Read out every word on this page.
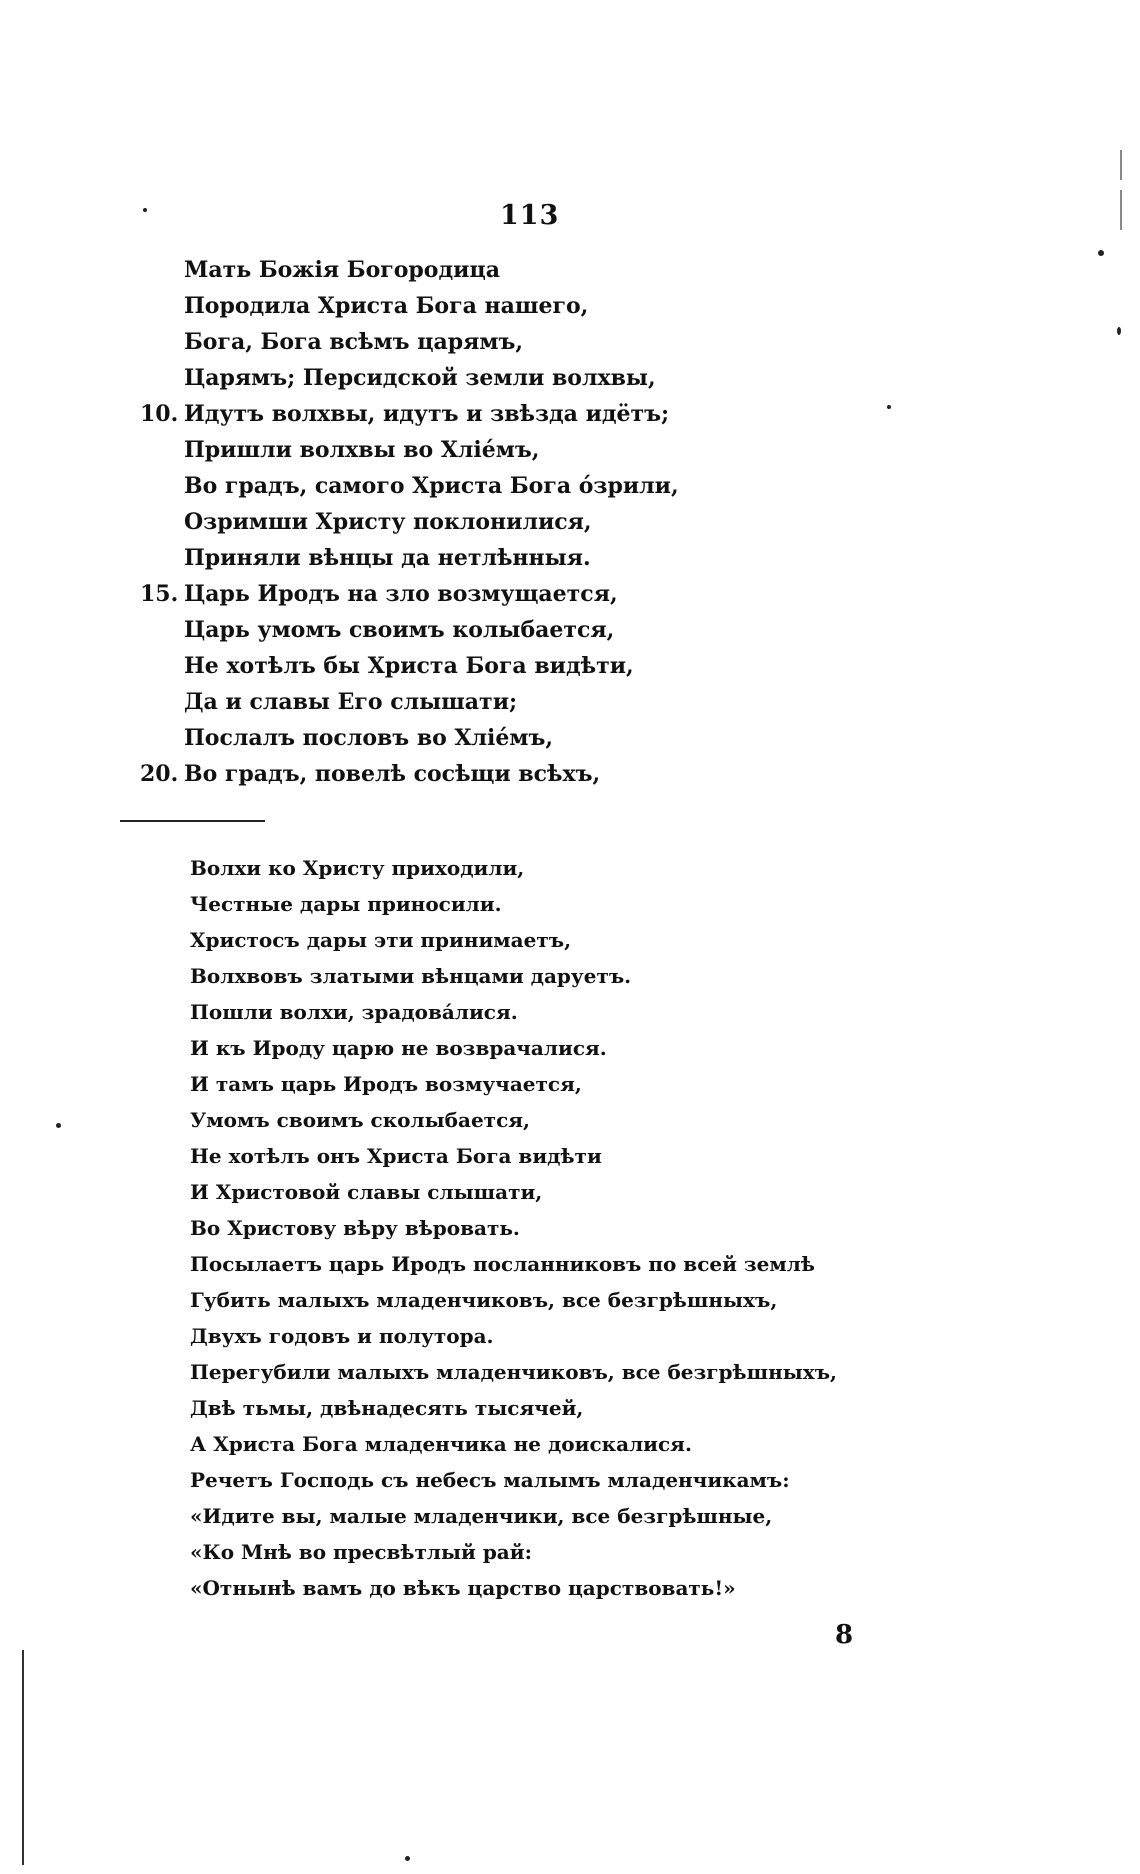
113
Мать Божія Богородица
Породила Христа Бога нашего,
Бога, Бога всѣмъ царямъ,
Царямъ; Персидской земли волхвы,
10. Идутъ волхвы, идутъ и звѣзда идётъ;
Пришли волхвы во Хліе́мъ,
Во градъ, самого Христа Бога о́зрили,
Озримши Христу поклонилися,
Приняли вѣнцы да нетлѣнныя.
15. Царь Иродъ на зло возмущается,
Царь умомъ своимъ колыбается,
Не хотѣлъ бы Христа Бога видѣти,
Да и славы Его слышати;
Послалъ пословъ во Хліе́мъ,
20. Во градъ, повелѣ сосѣщи всѣхъ,
Волхи ко Христу приходили,
Честные дары приносили.
Христосъ дары эти принимаетъ,
Волхвовъ златыми вѣнцами даруетъ.
Пошли волхи, зрадова́лися.
И къ Ироду царю не возврачалися.
И тамъ царь Иродъ возмучается,
Умомъ своимъ сколыбается,
Не хотѣлъ онъ Христа Бога видѣти
И Христовой славы слышати,
Во Христову вѣру вѣровать.
Посылаетъ царь Иродъ посланниковъ по всей землѣ
Губить малыхъ младенчиковъ, все безгрѣшныхъ,
Двухъ годовъ и полутора.
Перегубили малыхъ младенчиковъ, все безгрѣшныхъ,
Двѣ тьмы, двѣнадесять тысячей,
А Христа Бога младенчика не доискалися.
Речетъ Господь съ небесъ малымъ младенчикамъ:
«Идите вы, малые младенчики, все безгрѣшные,
«Ко Мнѣ во пресвѣтлый рай:
«Отнынѣ вамъ до вѣкъ царство царствовать!»
8
